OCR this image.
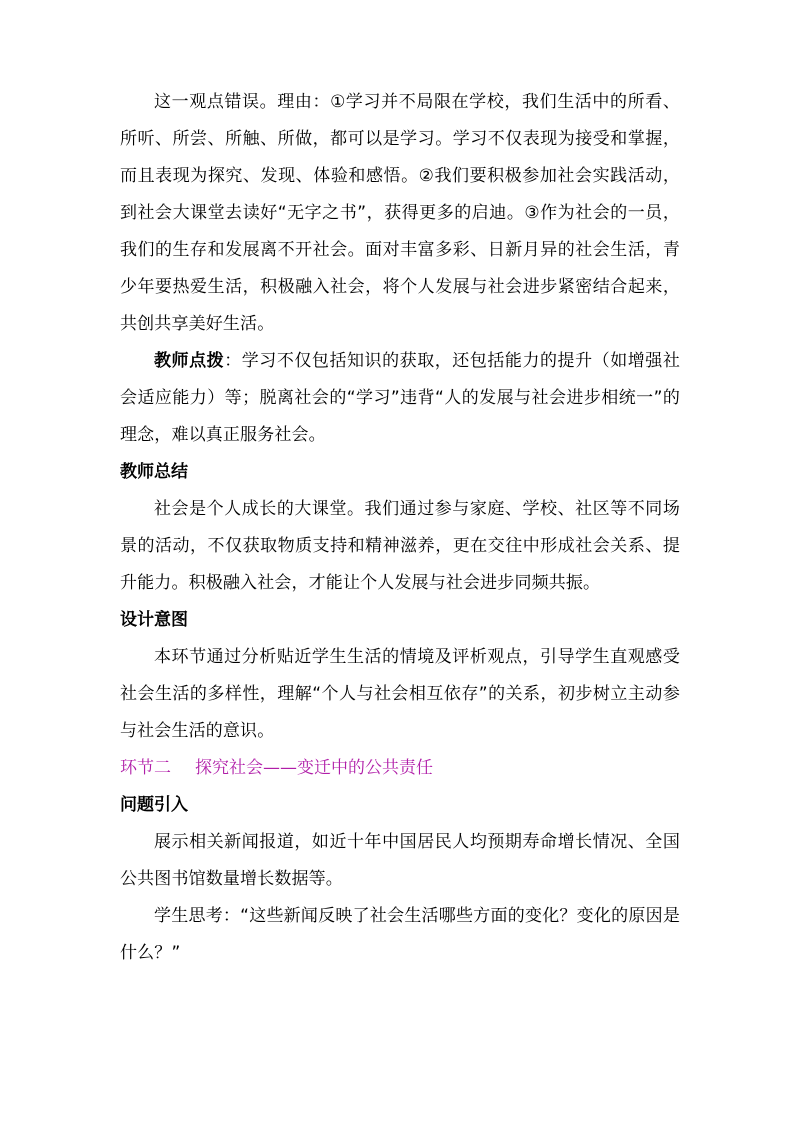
这一观点错误。理由：①学习并不局限在学校，我们生活中的所看、所听、所尝、所触、所做，都可以是学习。学习不仅表现为接受和掌握，而且表现为探究、发现、体验和感悟。②我们要积极参加社会实践活动，到社会大课堂去读好“无字之书”，获得更多的启迪。③作为社会的一员，我们的生存和发展离不开社会。面对丰富多彩、日新月异的社会生活，青少年要热爱生活，积极融入社会，将个人发展与社会进步紧密结合起来，共创共享美好生活。

教师点拨：学习不仅包括知识的获取，还包括能力的提升（如增强社会适应能力）等；脱离社会的“学习”违背“人的发展与社会进步相统一”的理念，难以真正服务社会。

教师总结

社会是个人成长的大课堂。我们通过参与家庭、学校、社区等不同场景的活动，不仅获取物质支持和精神滋养，更在交往中形成社会关系、提升能力。积极融入社会，才能让个人发展与社会进步同频共振。

设计意图

本环节通过分析贴近学生生活的情境及评析观点，引导学生直观感受社会生活的多样性，理解“个人与社会相互依存”的关系，初步树立主动参与社会生活的意识。

环节二 探究社会——变迁中的公共责任
问题引入

展示相关新闻报道，如近十年中国居民人均预期寿命增长情况、全国公共图书馆数量增长数据等。

学生思考：“这些新闻反映了社会生活哪些方面的变化？变化的原因是什么？”
